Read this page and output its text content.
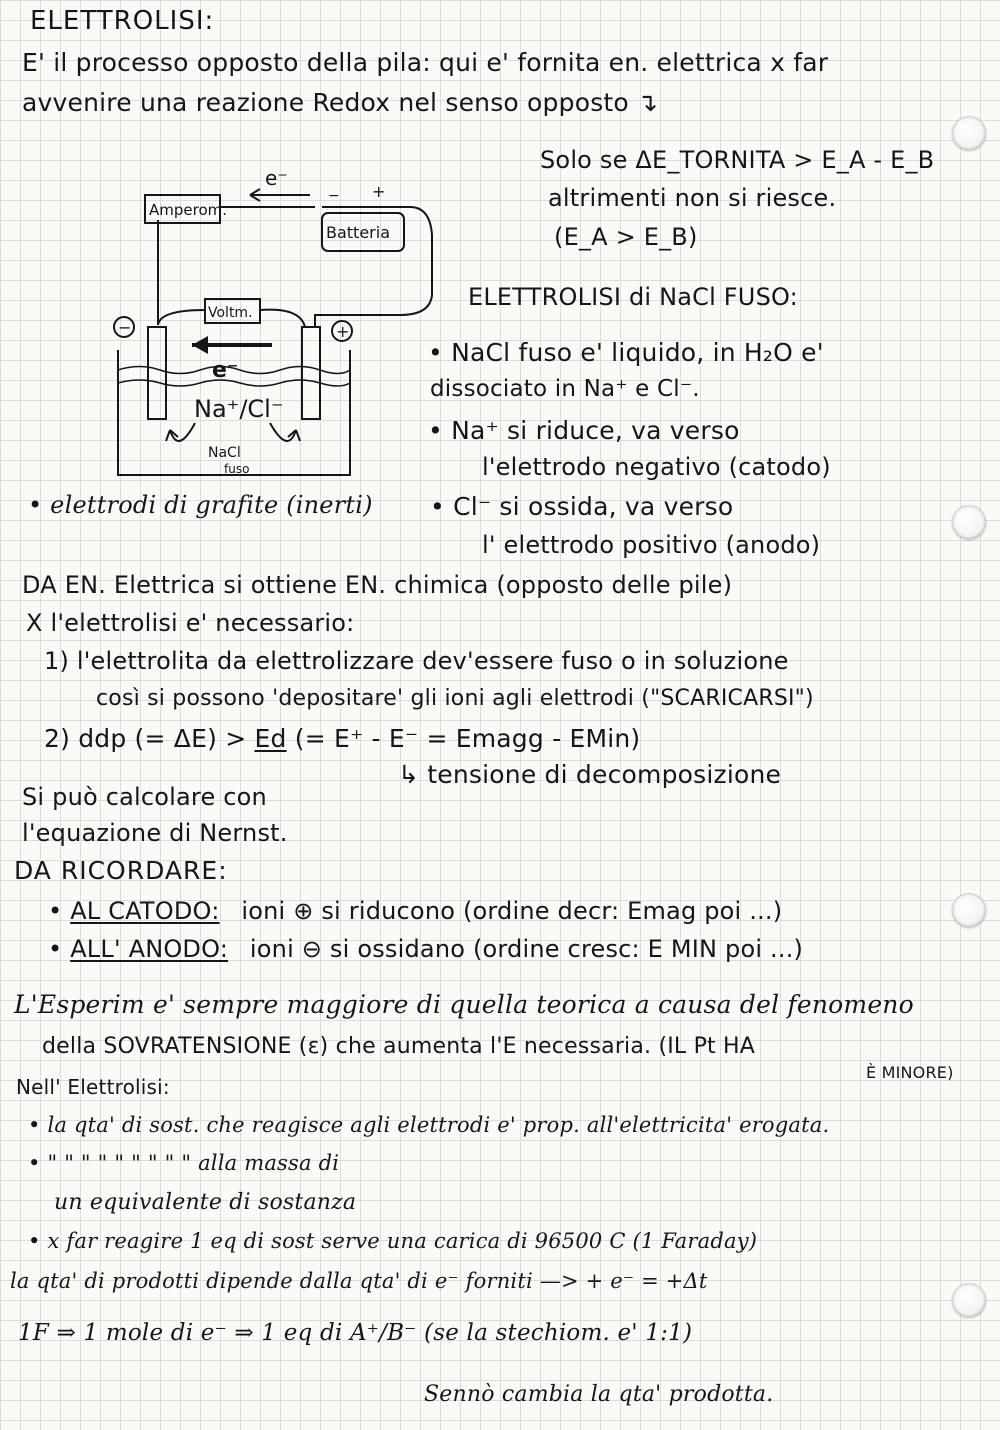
ELETTROLISI:
E' il processo opposto della pila: qui e' fornita en. elettrica x far
avvenire una reazione Redox nel senso opposto ↴
Solo se ΔE_TORNITA > E_A - E_B
altrimenti non si riesce.
(E_A > E_B)
Amperom.
Batteria
Voltm.
e⁻
e⁻
− +
−	+
Na⁺/Cl⁻
NaCl
fuso
ELETTROLISI di NaCl FUSO:
• NaCl fuso e' liquido, in H₂O e'
dissociato in Na⁺ e Cl⁻.
• Na⁺ si riduce, va verso
l'elettrodo negativo (catodo)
• Cl⁻ si ossida, va verso
l' elettrodo positivo (anodo)
• elettrodi di grafite (inerti)
DA EN. Elettrica si ottiene EN. chimica (opposto delle pile)
X l'elettrolisi e' necessario:
1) l'elettrolita da elettrolizzare dev'essere fuso o in soluzione
così si possono 'depositare' gli ioni agli elettrodi ("SCARICARSI")
2) ddp (= ΔE) > Ed (= E⁺ - E⁻ = Emagg - EMin)
↳ tensione di decomposizione
Si può calcolare con
l'equazione di Nernst.
DA RICORDARE:
• AL CATODO: ioni ⊕ si riducono (ordine decr: Emag poi ...)
• ALL' ANODO: ioni ⊖ si ossidano (ordine cresc: E MIN poi ...)
L'Esperim e' sempre maggiore di quella teorica a causa del fenomeno
della SOVRATENSIONE (ε) che aumenta l'E necessaria. (IL Pt HA
È MINORE)
Nell' Elettrolisi:
• la qta' di sost. che reagisce agli elettrodi e' prop. all'elettricita' erogata.
• " " " " " " " " " alla massa di
un equivalente di sostanza
• x far reagire 1 eq di sost serve una carica di 96500 C (1 Faraday)
la qta' di prodotti dipende dalla qta' di e⁻ forniti —> + e⁻ = +Δt
1F ⇒ 1 mole di e⁻ ⇒ 1 eq di A⁺/B⁻ (se la stechiom. e' 1:1)
Sennò cambia la qta' prodotta.
